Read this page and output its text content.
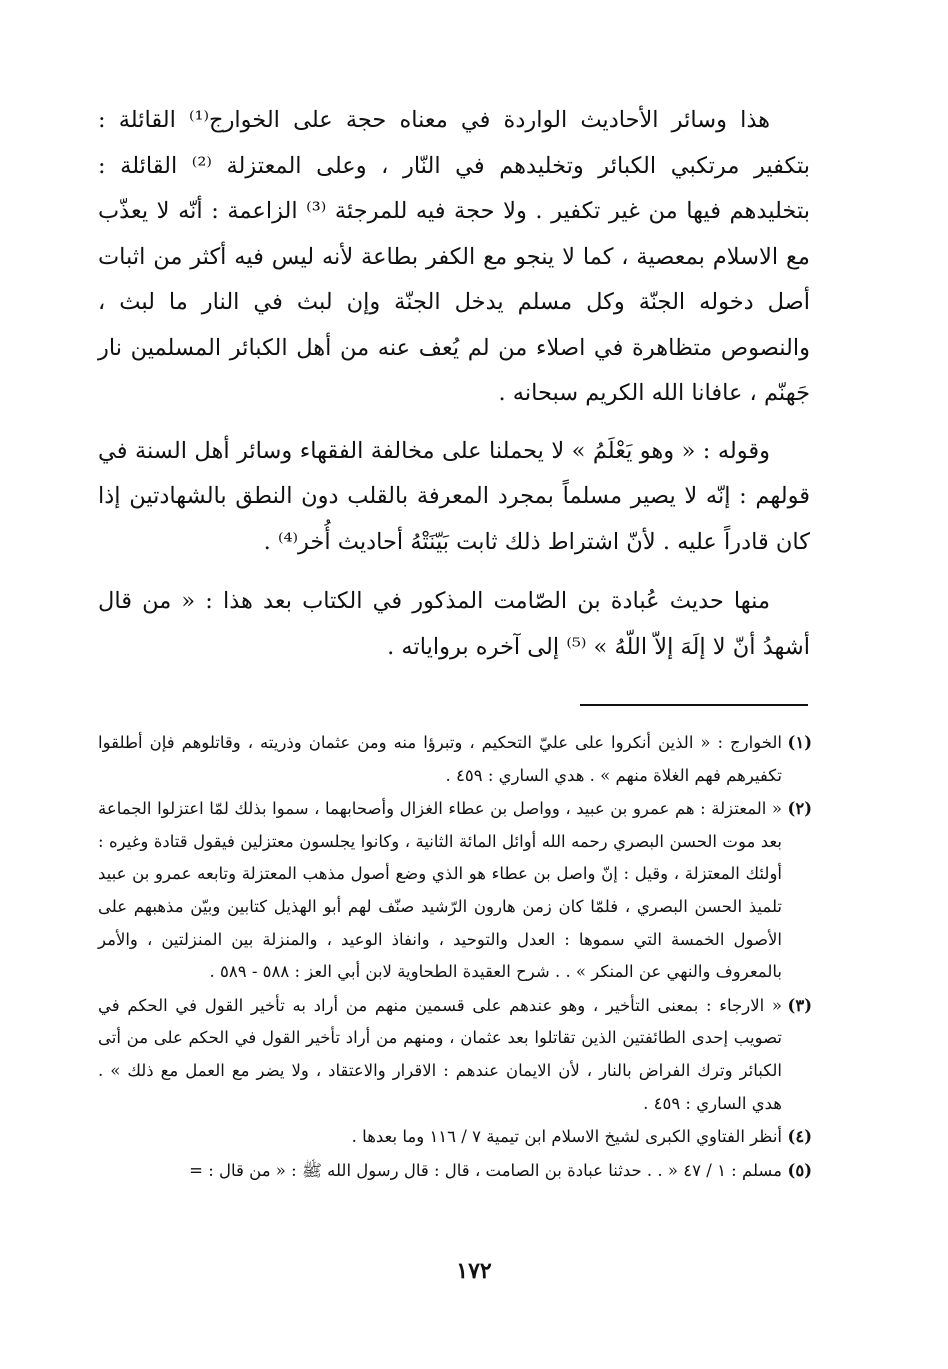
هذا وسائر الأحاديث الواردة في معناه حجة على الخوارج⁽¹⁾ القائلة : بتكفير مرتكبي الكبائر وتخليدهم في النّار ، وعلى المعتزلة ⁽²⁾ القائلة : بتخليدهم فيها من غير تكفير . ولا حجة فيه للمرجئة ⁽³⁾ الزاعمة : أنّه لا يعذّب مع الاسلام بمعصية ، كما لا ينجو مع الكفر بطاعة لأنه ليس فيه أكثر من اثبات أصل دخوله الجنّة وكل مسلم يدخل الجنّة وإن لبث في النار ما لبث ، والنصوص متظاهرة في اصلاء من لم يُعف عنه من أهل الكبائر المسلمين نار جَهنّم ، عافانا الله الكريم سبحانه .

وقوله : « وهو يَعْلَمُ » لا يحملنا على مخالفة الفقهاء وسائر أهل السنة في قولهم : إنّه لا يصير مسلماً بمجرد المعرفة بالقلب دون النطق بالشهادتين إذا كان قادراً عليه . لأنّ اشتراط ذلك ثابت بَيّنَتْهُ أحاديث أُخر⁽⁴⁾ .

منها حديث عُبادة بن الصّامت المذكور في الكتاب بعد هذا : « من قال أشهدُ أنّ لا إلَهَ إلاّ اللّهُ » ⁽⁵⁾ إلى آخره برواياته .

(١)
الخوارج : « الذين أنكروا على عليّ التحكيم ، وتبرؤا منه ومن عثمان وذريته ، وقاتلوهم فإن أطلقوا تكفيرهم فهم الغلاة منهم » . هدي الساري : ٤٥٩ .
(٢)
« المعتزلة : هم عمرو بن عبيد ، وواصل بن عطاء الغزال وأصحابهما ، سموا بذلك لمّا اعتزلوا الجماعة بعد موت الحسن البصري رحمه الله أوائل المائة الثانية ، وكانوا يجلسون معتزلين فيقول قتادة وغيره : أولئك المعتزلة ، وقيل : إنّ واصل بن عطاء هو الذي وضع أصول مذهب المعتزلة وتابعه عمرو بن عبيد تلميذ الحسن البصري ، فلمّا كان زمن هارون الرّشيد صنّف لهم أبو الهذيل كتابين وبيّن مذهبهم على الأصول الخمسة التي سموها : العدل والتوحيد ، وانفاذ الوعيد ، والمنزلة بين المنزلتين ، والأمر بالمعروف والنهي عن المنكر » . . شرح العقيدة الطحاوية لابن أبي العز : ٥٨٨ - ٥٨٩ .
(٣)
« الارجاء : بمعنى التأخير ، وهو عندهم على قسمين منهم من أراد به تأخير القول في الحكم في تصويب إحدى الطائفتين الذين تقاتلوا بعد عثمان ، ومنهم من أراد تأخير القول في الحكم على من أتى الكبائر وترك الفراض بالنار ، لأن الايمان عندهم : الاقرار والاعتقاد ، ولا يضر مع العمل مع ذلك » . هدي الساري : ٤٥٩ .
(٤)
أنظر الفتاوي الكبرى لشيخ الاسلام ابن تيمية ٧ / ١١٦ وما بعدها .
(٥)
مسلم : ١ / ٤٧ « . . حدثنا عبادة بن الصامت ، قال : قال رسول الله ﷺ : « من قال : =
١٧٢
